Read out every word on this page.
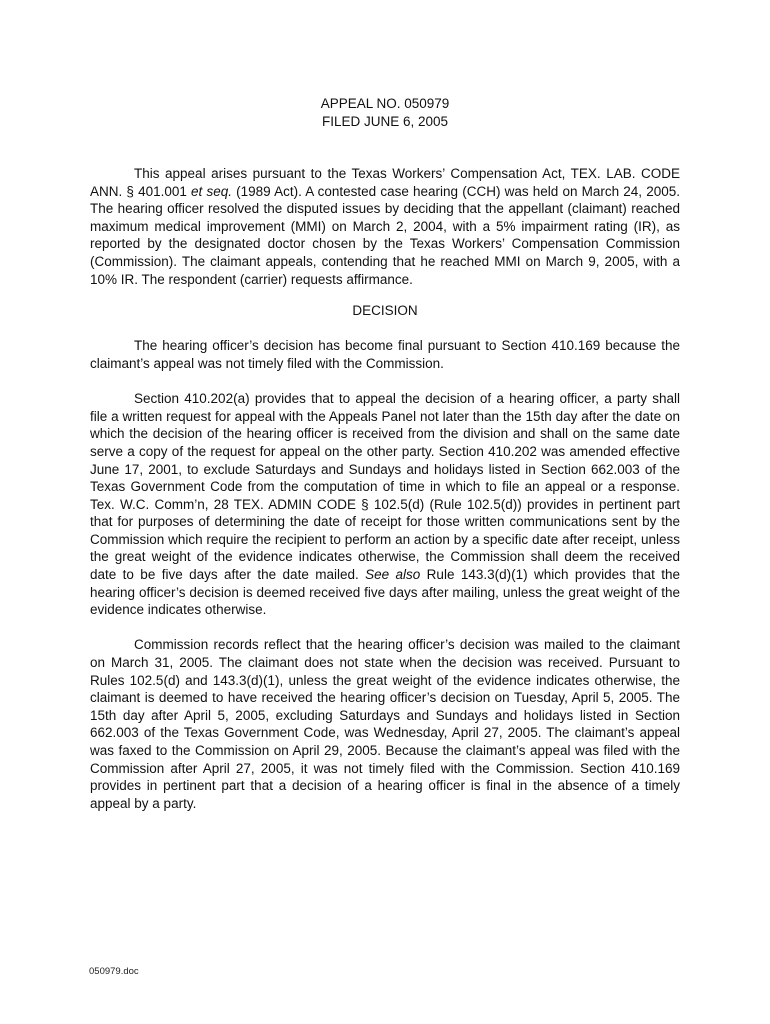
APPEAL NO. 050979
FILED JUNE 6, 2005

This appeal arises pursuant to the Texas Workers’ Compensation Act, TEX. LAB. CODE ANN. § 401.001 et seq. (1989 Act). A contested case hearing (CCH) was held on March 24, 2005. The hearing officer resolved the disputed issues by deciding that the appellant (claimant) reached maximum medical improvement (MMI) on March 2, 2004, with a 5% impairment rating (IR), as reported by the designated doctor chosen by the Texas Workers’ Compensation Commission (Commission). The claimant appeals, contending that he reached MMI on March 9, 2005, with a 10% IR. The respondent (carrier) requests affirmance.

DECISION

The hearing officer’s decision has become final pursuant to Section 410.169 because the claimant’s appeal was not timely filed with the Commission.

Section 410.202(a) provides that to appeal the decision of a hearing officer, a party shall file a written request for appeal with the Appeals Panel not later than the 15th day after the date on which the decision of the hearing officer is received from the division and shall on the same date serve a copy of the request for appeal on the other party. Section 410.202 was amended effective June 17, 2001, to exclude Saturdays and Sundays and holidays listed in Section 662.003 of the Texas Government Code from the computation of time in which to file an appeal or a response. Tex. W.C. Comm’n, 28 TEX. ADMIN CODE § 102.5(d) (Rule 102.5(d)) provides in pertinent part that for purposes of determining the date of receipt for those written communications sent by the Commission which require the recipient to perform an action by a specific date after receipt, unless the great weight of the evidence indicates otherwise, the Commission shall deem the received date to be five days after the date mailed. See also Rule 143.3(d)(1) which provides that the hearing officer’s decision is deemed received five days after mailing, unless the great weight of the evidence indicates otherwise.

Commission records reflect that the hearing officer’s decision was mailed to the claimant on March 31, 2005. The claimant does not state when the decision was received. Pursuant to Rules 102.5(d) and 143.3(d)(1), unless the great weight of the evidence indicates otherwise, the claimant is deemed to have received the hearing officer’s decision on Tuesday, April 5, 2005. The 15th day after April 5, 2005, excluding Saturdays and Sundays and holidays listed in Section 662.003 of the Texas Government Code, was Wednesday, April 27, 2005. The claimant’s appeal was faxed to the Commission on April 29, 2005. Because the claimant’s appeal was filed with the Commission after April 27, 2005, it was not timely filed with the Commission. Section 410.169 provides in pertinent part that a decision of a hearing officer is final in the absence of a timely appeal by a party.

050979.doc
